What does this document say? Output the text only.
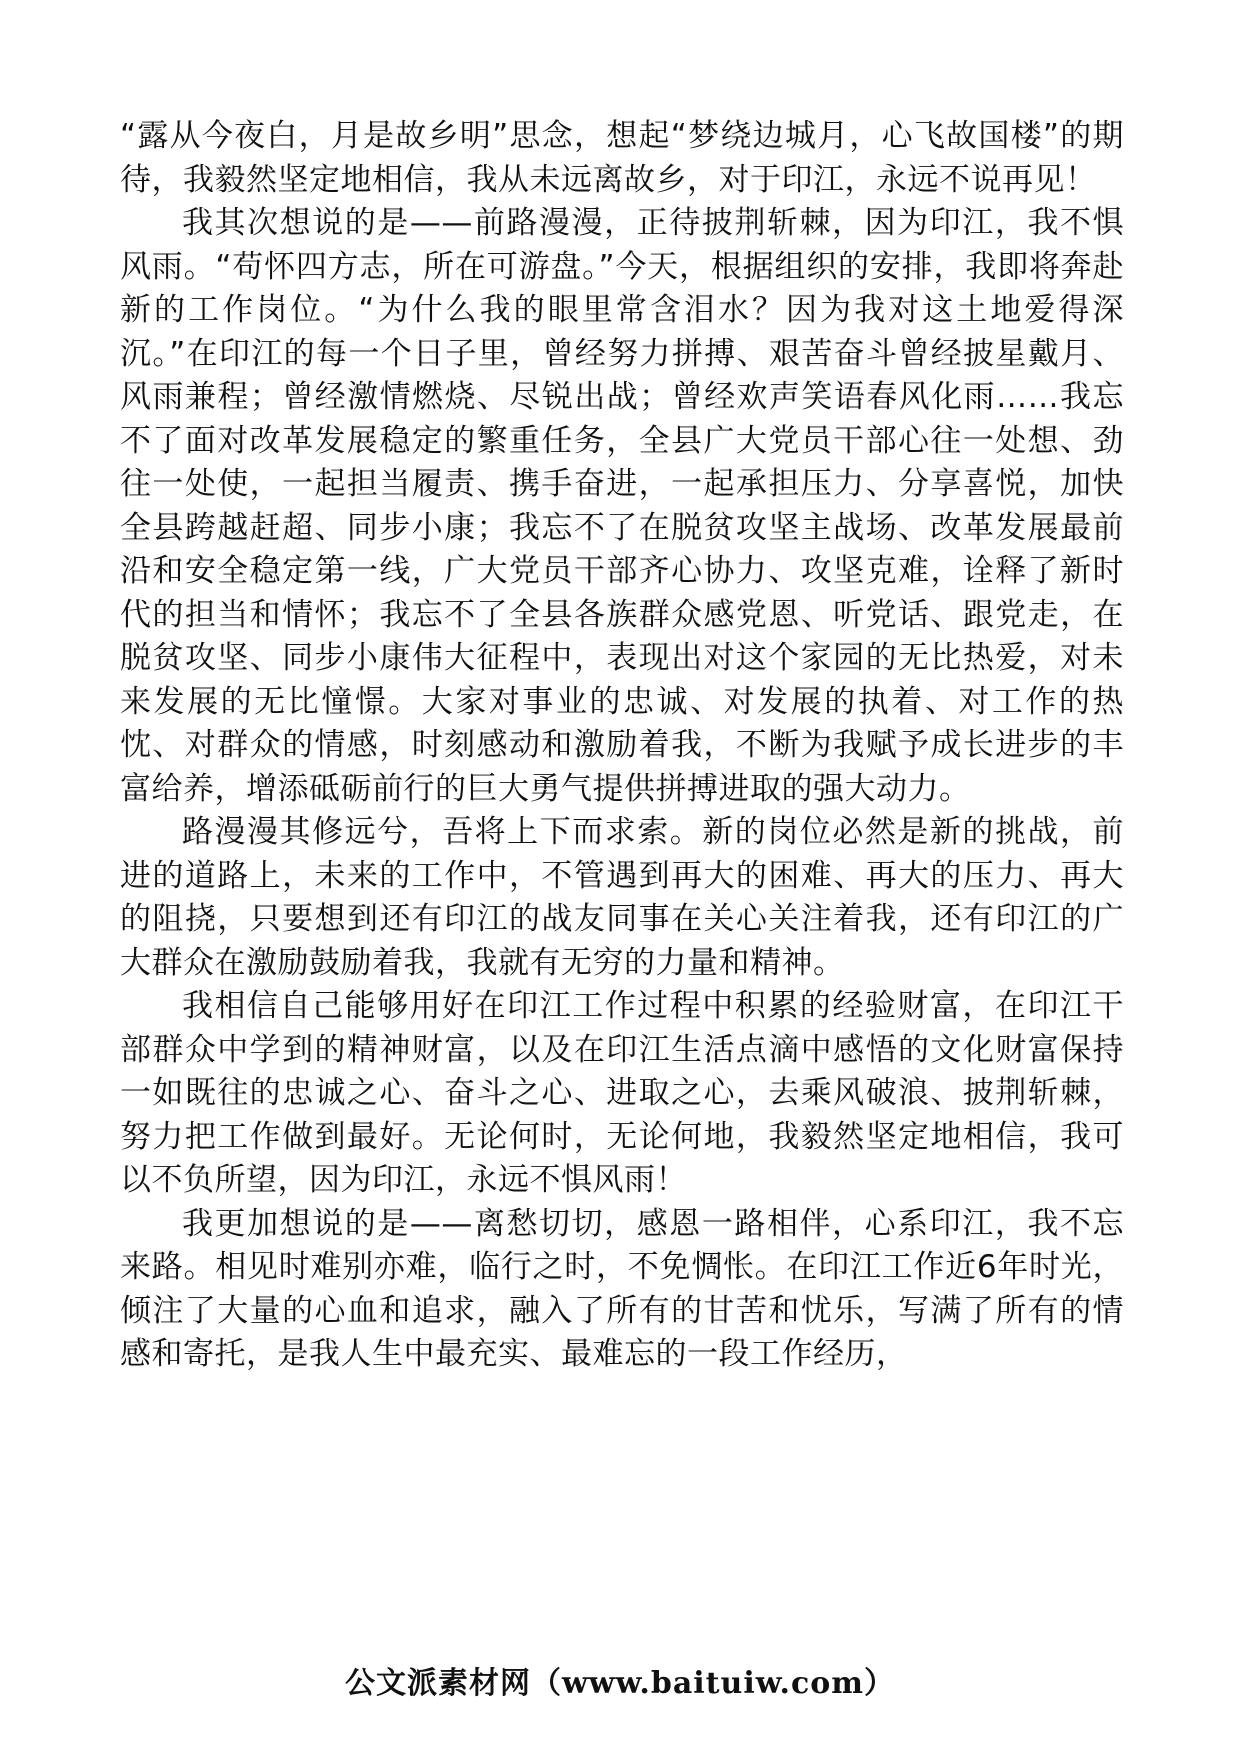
“露从今夜白，月是故乡明”思念，想起“梦绕边城月，心飞故国楼”的期待，我毅然坚定地相信，我从未远离故乡，对于印江，永远不说再见！

我其次想说的是——前路漫漫，正待披荆斩棘，因为印江，我不惧风雨。“苟怀四方志，所在可游盘。”今天，根据组织的安排，我即将奔赴新的工作岗位。“为什么我的眼里常含泪水？因为我对这土地爱得深沉。”在印江的每一个日子里，曾经努力拼搏、艰苦奋斗曾经披星戴月、风雨兼程；曾经激情燃烧、尽锐出战；曾经欢声笑语春风化雨……我忘不了面对改革发展稳定的繁重任务，全县广大党员干部心往一处想、劲往一处使，一起担当履责、携手奋进，一起承担压力、分享喜悦，加快全县跨越赶超、同步小康；我忘不了在脱贫攻坚主战场、改革发展最前沿和安全稳定第一线，广大党员干部齐心协力、攻坚克难，诠释了新时代的担当和情怀；我忘不了全县各族群众感党恩、听党话、跟党走，在脱贫攻坚、同步小康伟大征程中，表现出对这个家园的无比热爱，对未来发展的无比憧憬。大家对事业的忠诚、对发展的执着、对工作的热忱、对群众的情感，时刻感动和激励着我，不断为我赋予成长进步的丰富给养，增添砥砺前行的巨大勇气提供拼搏进取的强大动力。

路漫漫其修远兮，吾将上下而求索。新的岗位必然是新的挑战，前进的道路上，未来的工作中，不管遇到再大的困难、再大的压力、再大的阻挠，只要想到还有印江的战友同事在关心关注着我，还有印江的广大群众在激励鼓励着我，我就有无穷的力量和精神。

我相信自己能够用好在印江工作过程中积累的经验财富，在印江干部群众中学到的精神财富，以及在印江生活点滴中感悟的文化财富保持一如既往的忠诚之心、奋斗之心、进取之心，去乘风破浪、披荆斩棘，努力把工作做到最好。无论何时，无论何地，我毅然坚定地相信，我可以不负所望，因为印江，永远不惧风雨！

我更加想说的是——离愁切切，感恩一路相伴，心系印江，我不忘来路。相见时难别亦难，临行之时，不免惆怅。在印江工作近6年时光，倾注了大量的心血和追求，融入了所有的甘苦和忧乐，写满了所有的情感和寄托，是我人生中最充实、最难忘的一段工作经历，

公文派素材网（www.baituiw.com）
